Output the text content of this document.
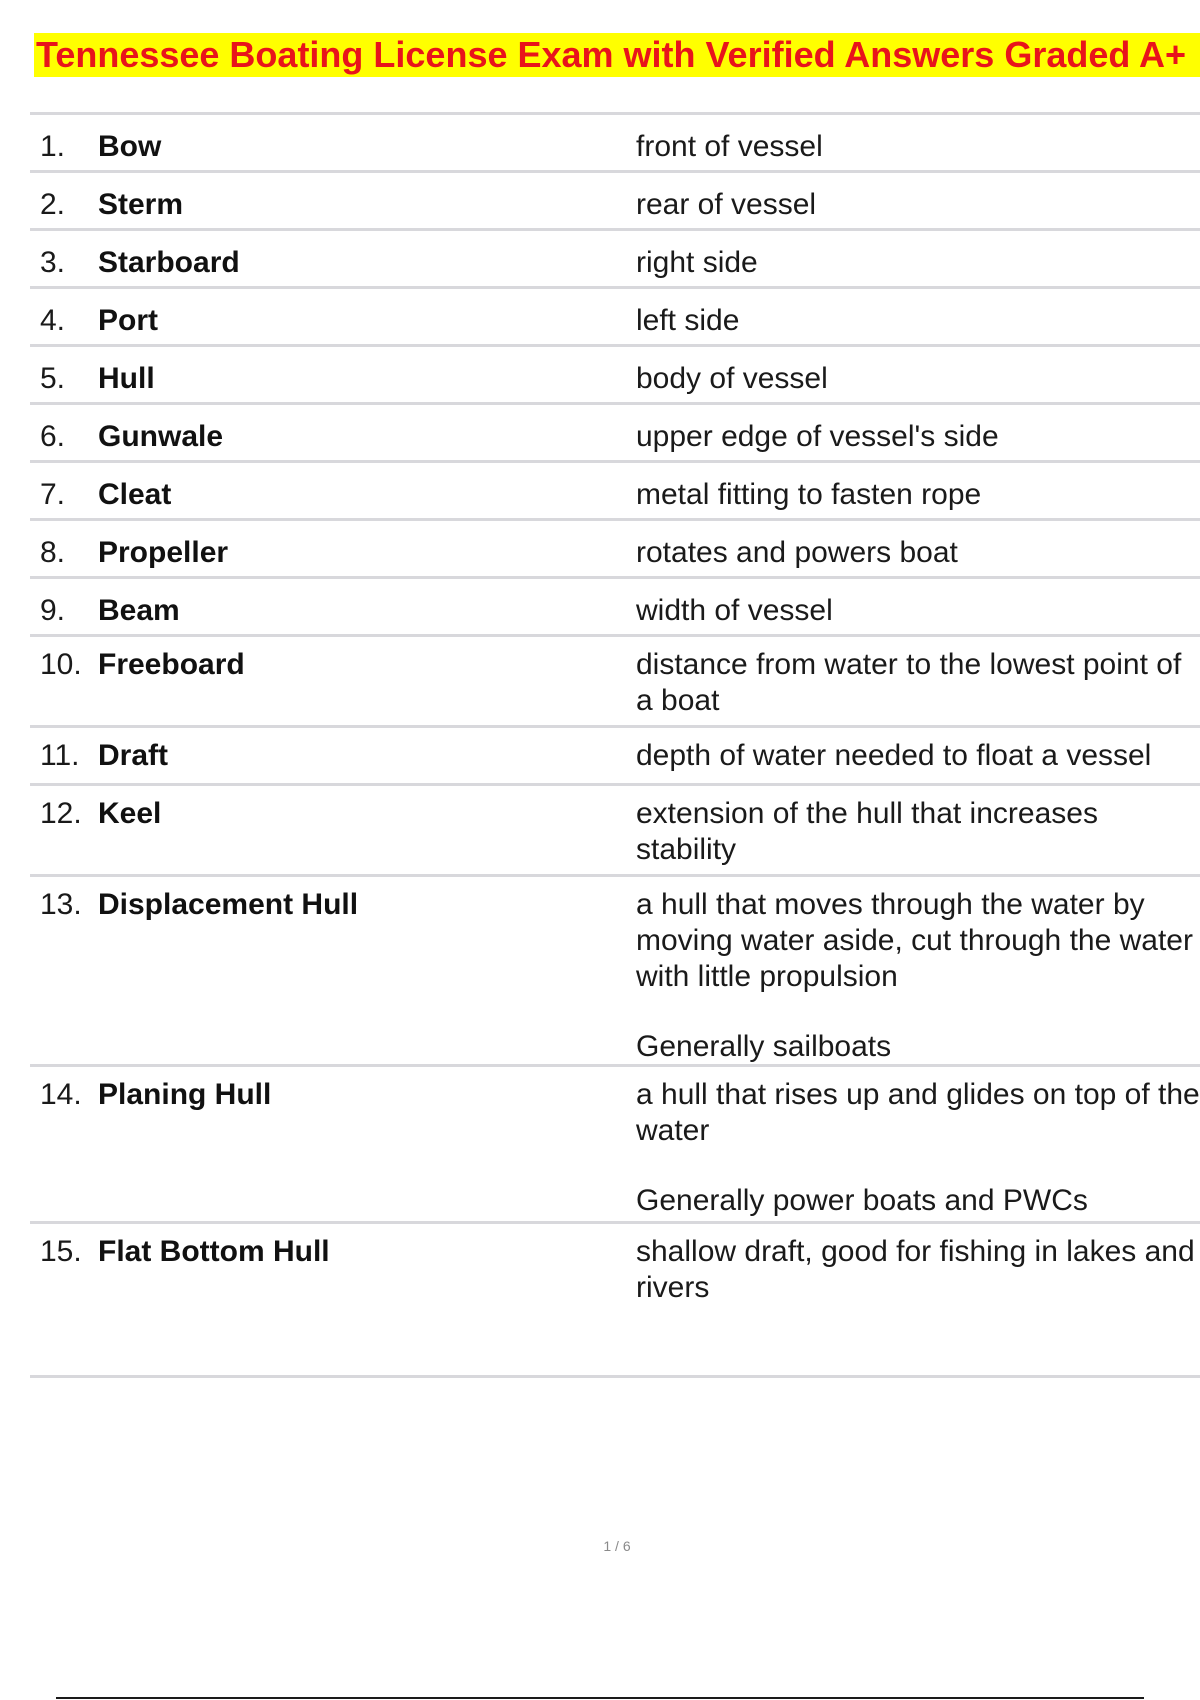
Tennessee Boating License Exam with Verified Answers Graded A+
1.	Bow	front of vessel

2.	Sterm	rear of vessel

3.	Starboard	right side

4.	Port	left side

5.	Hull	body of vessel

6.	Gunwale	upper edge of vessel's side

7.	Cleat	metal fitting to fasten rope

8.	Propeller	rotates and powers boat

9.	Beam	width of vessel

10. Freeboard	distance from water to the lowest point of a boat

11. Draft	depth of water needed to float a vessel

12. Keel	extension of the hull that increases stability

13. Displacement Hull	a hull that moves through the water by moving water aside, cut through the water with little propulsion

Generally sailboats

14. Planing Hull	a hull that rises up and glides on top of the water

Generally power boats and PWCs

15. Flat Bottom Hull	shallow draft, good for fishing in lakes and rivers

1 / 6
